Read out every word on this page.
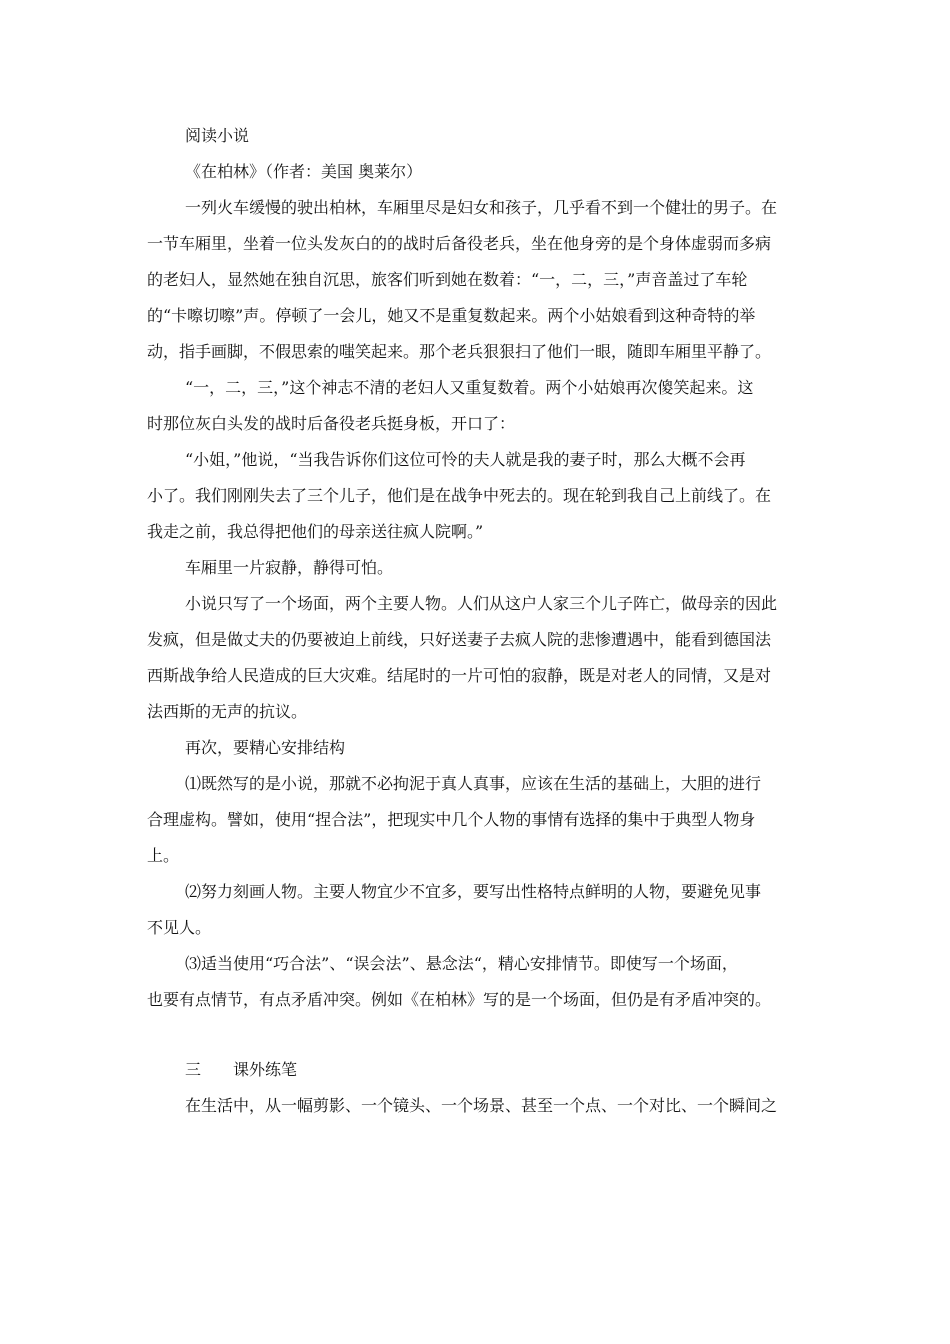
阅读小说

《在柏林》（作者：美国 奥莱尔）

一列火车缓慢的驶出柏林，车厢里尽是妇女和孩子，几乎看不到一个健壮的男子。在

一节车厢里，坐着一位头发灰白的的战时后备役老兵，坐在他身旁的是个身体虚弱而多病

的老妇人，显然她在独自沉思，旅客们听到她在数着：“一，二，三，”声音盖过了车轮

的“卡嚓切嚓”声。停顿了一会儿，她又不是重复数起来。两个小姑娘看到这种奇特的举

动，指手画脚，不假思索的嗤笑起来。那个老兵狠狠扫了他们一眼，随即车厢里平静了。

“一，二，三，”这个神志不清的老妇人又重复数着。两个小姑娘再次傻笑起来。这

时那位灰白头发的战时后备役老兵挺身板，开口了：

“小姐，”他说，“当我告诉你们这位可怜的夫人就是我的妻子时，那么大概不会再

小了。我们刚刚失去了三个儿子，他们是在战争中死去的。现在轮到我自己上前线了。在

我走之前，我总得把他们的母亲送往疯人院啊。”

车厢里一片寂静，静得可怕。

小说只写了一个场面，两个主要人物。人们从这户人家三个儿子阵亡，做母亲的因此

发疯，但是做丈夫的仍要被迫上前线，只好送妻子去疯人院的悲惨遭遇中，能看到德国法

西斯战争给人民造成的巨大灾难。结尾时的一片可怕的寂静，既是对老人的同情，又是对

法西斯的无声的抗议。

再次，要精心安排结构

⑴既然写的是小说，那就不必拘泥于真人真事，应该在生活的基础上，大胆的进行

合理虚构。譬如，使用“捏合法”，把现实中几个人物的事情有选择的集中于典型人物身

上。

⑵努力刻画人物。主要人物宜少不宜多，要写出性格特点鲜明的人物，要避免见事

不见人。

⑶适当使用“巧合法”、“误会法”、悬念法“，精心安排情节。即使写一个场面，

也要有点情节，有点矛盾冲突。例如《在柏林》写的是一个场面，但仍是有矛盾冲突的。

三 课外练笔

在生活中，从一幅剪影、一个镜头、一个场景、甚至一个点、一个对比、一个瞬间之
